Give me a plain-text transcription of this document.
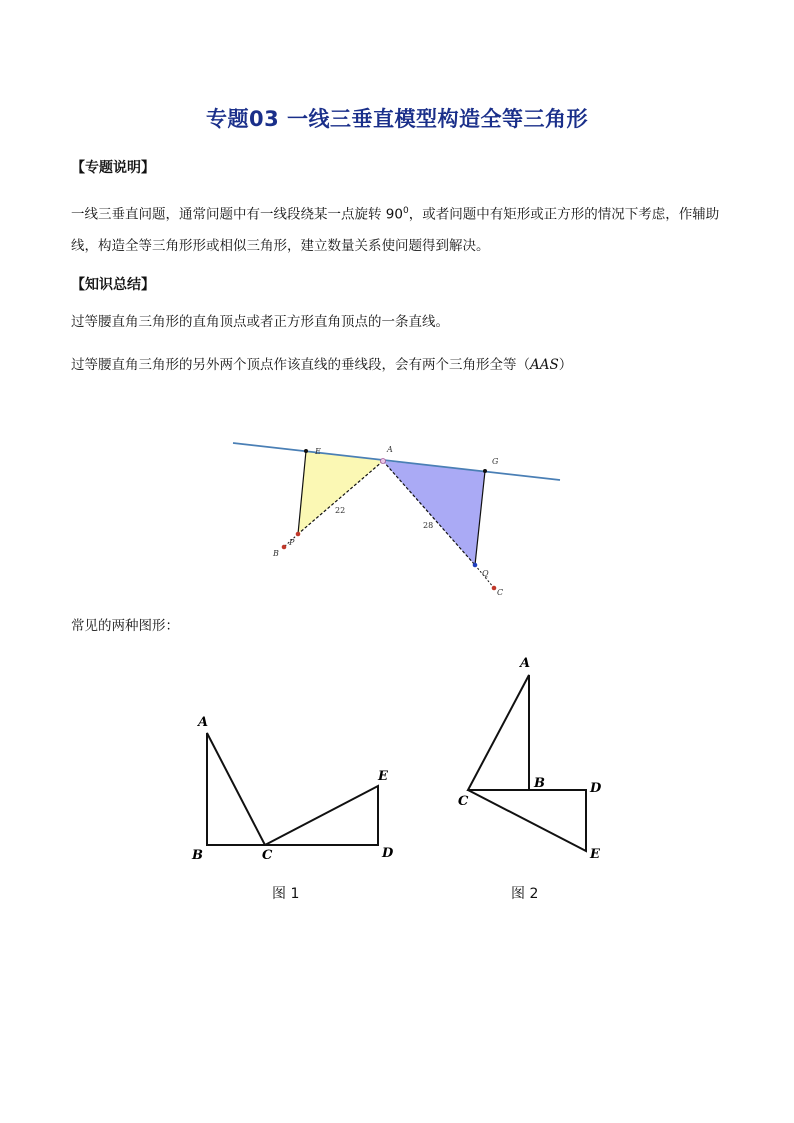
专题03 一线三垂直模型构造全等三角形
【专题说明】
一线三垂直问题，通常问题中有一线段绕某一点旋转 $90^0$，或者问题中有矩形或正方形的情况下考虑，作辅助线，构造全等三角形形或相似三角形，建立数量关系使问题得到解决。
【知识总结】
过等腰直角三角形的直角顶点或者正方形直角顶点的一条直线。
过等腰直角三角形的另外两个顶点作该直线的垂线段，会有两个三角形全等（AAS）
E	A
G
P
B
Q
C
22
28
常见的两种图形：
A
B	C	D
E
图 1
A
B
C
D
E
图 2
